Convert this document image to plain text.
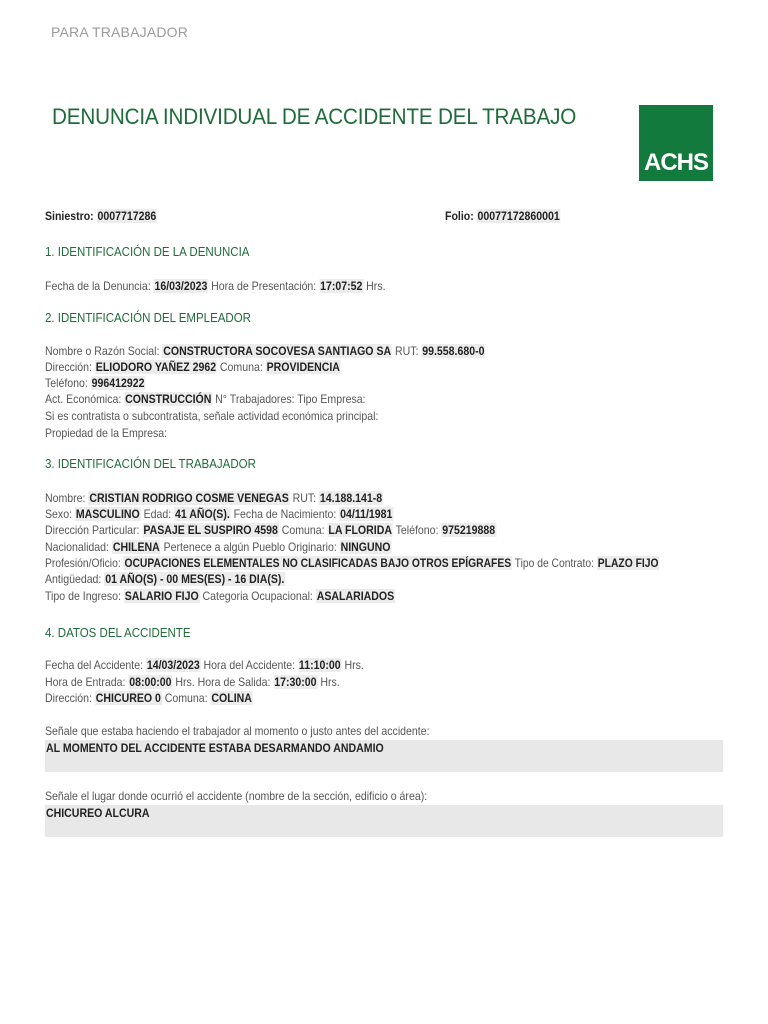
PARA TRABAJADOR
DENUNCIA INDIVIDUAL DE ACCIDENTE DEL TRABAJO
ACHS
Siniestro: 0007717286	Folio: 00077172860001
1. IDENTIFICACIÓN DE LA DENUNCIA
Fecha de la Denuncia: 16/03/2023 Hora de Presentación: 17:07:52 Hrs.
2. IDENTIFICACIÓN DEL EMPLEADOR
Nombre o Razón Social: CONSTRUCTORA SOCOVESA SANTIAGO SA RUT: 99.558.680-0
Dirección: ELIODORO YAÑEZ 2962 Comuna: PROVIDENCIA
Teléfono: 996412922
Act. Económica: CONSTRUCCIÓN N° Trabajadores: Tipo Empresa:
Si es contratista o subcontratista, señale actividad económica principal:
Propiedad de la Empresa:
3. IDENTIFICACIÓN DEL TRABAJADOR
Nombre: CRISTIAN RODRIGO COSME VENEGAS RUT: 14.188.141-8
Sexo: MASCULINO Edad: 41 AÑO(S). Fecha de Nacimiento: 04/11/1981
Dirección Particular: PASAJE EL SUSPIRO 4598 Comuna: LA FLORIDA Teléfono: 975219888
Nacionalidad: CHILENA Pertenece a algún Pueblo Originario: NINGUNO
Profesión/Oficio: OCUPACIONES ELEMENTALES NO CLASIFICADAS BAJO OTROS EPÍGRAFES Tipo de Contrato: PLAZO FIJO
Antigüedad: 01 AÑO(S) - 00 MES(ES) - 16 DIA(S).
Tipo de Ingreso: SALARIO FIJO Categoria Ocupacional: ASALARIADOS
4. DATOS DEL ACCIDENTE
Fecha del Accidente: 14/03/2023 Hora del Accidente: 11:10:00 Hrs.
Hora de Entrada: 08:00:00 Hrs. Hora de Salida: 17:30:00 Hrs.
Dirección: CHICUREO 0 Comuna: COLINA
Señale que estaba haciendo el trabajador al momento o justo antes del accidente:
AL MOMENTO DEL ACCIDENTE ESTABA DESARMANDO ANDAMIO
Señale el lugar donde ocurrió el accidente (nombre de la sección, edificio o área):
CHICUREO ALCURA
